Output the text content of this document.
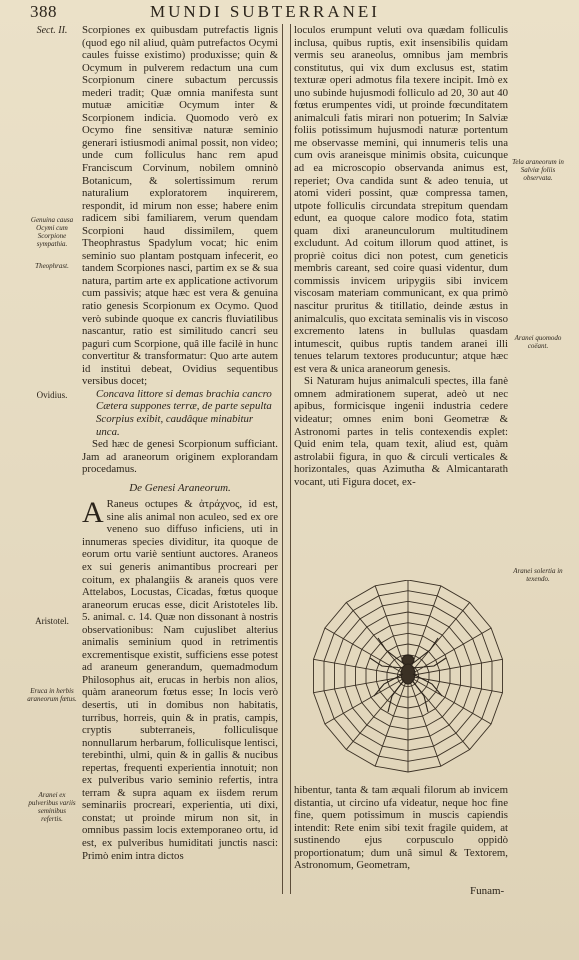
388	MUNDI SUBTERRANEI
Sect. II.
Genuina causa Ocymi cum Scorpione sympathia.
Theophrast.
Ovidius.
Aristotel.
Eruca in herbis araneorum fœtus.
Aranei ex pulveribus variis seminibus refertis.
Tela araneorum in Salviæ foliis observata.
Aranei quomodo coëant.
Aranei solertia in texendo.

Scorpiones ex quibusdam putrefactis lignis (quod ego nil aliud, quàm putrefactos Ocymi caules fuisse existimo) produxisse; quin & Ocymum in pulverem redactum una cum Scorpionum cinere subactum percussis mederi tradit; Quæ omnia manifesta sunt mutuæ amicitiæ Ocymum inter & Scorpionem indicia. Quomodo verò ex Ocymo fine sensitivæ naturæ seminio generari istiusmodi animal possit, non video; unde cum folliculus hanc rem apud Franciscum Corvinum, nobilem omninò Botanicum, & solertissimum rerum naturalium exploratorem inquirerem, respondit, id mirum non esse; habere enim radicem sibi familiarem, verum quendam Scorpioni haud dissimilem, quem Theophrastus Spadylum vocat; hic enim seminio suo plantam postquam infecerit, eo tandem Scorpiones nasci, partim ex se & sua natura, partim arte ex applicatione activorum cum passivis; atque hæc est vera & genuina ratio genesis Scorpionum ex Ocymo. Quod verò subinde quoque ex cancris fluviatilibus nascantur, ratio est similitudo cancri seu paguri cum Scorpione, quâ ille facilè in hunc convertitur & transformatur: Quo arte autem id instituì debeat, Ovidius sequentibus versibus docet;

Concava littore si demas brachia cancro

Cætera suppones terræ, de parte sepulta

Scorpius exibit, caudâque minabitur unca.

Sed hæc de genesi Scorpionum sufficiant. Jam ad araneorum originem explorandam procedamus.

De Genesi Araneorum.

A Raneus octupes & ἀτράχνος, id est, sine alis animal non aculeo, sed ex ore veneno suo diffuso inficiens, uti in innumeras species dividitur, ita quoque de eorum ortu variè sentiunt auctores. Araneos ex sui generis animantibus procreari per coitum, ex phalangiis & araneis quos vere Attelabos, Locustas, Cicadas, fœtus quoque araneorum erucas esse, dicit Aristoteles lib. 5. animal. c. 14. Quæ non dissonant à nostris observationibus: Nam cujuslibet alterius animalis seminium quod in retrimentis excrementisque existit, sufficiens esse potest ad araneum generandum, quemadmodum Philosophus ait, erucas in herbis non alios, quàm araneorum fœtus esse; In locis verò desertis, uti in domibus non habitatis, turribus, horreis, quin & in pratis, campis, cryptis subterraneis, folliculisque nonnullarum herbarum, folliculisque lentisci, terebinthi, ulmi, quin & in gallis & nucibus repertas, frequenti experientia innotuit; non ex pulveribus vario seminio refertis, intra terram & supra aquam ex iisdem rerum seminariis procreari, experientia, uti dixi, constat; ut proinde mirum non sit, in omnibus passim locis extemporaneo ortu, id est, ex pulveribus humiditati junctis nasci: Primò enim intra dictos

loculos erumpunt veluti ova quædam folliculis inclusa, quibus ruptis, exit insensibilis quidam vermis seu araneolus, omnibus jam membris constitutus, qui vix dum exclusus est, statim texturæ operi admotus fila texere incipit. Imò ex uno subinde hujusmodi folliculo ad 20, 30 aut 40 fœtus erumpentes vidi, ut proinde fœcunditatem animalculi fatis mirari non potuerim; In Salviæ foliis potissimum hujusmodi naturæ portentum me observasse memini, qui innumeris telis una cum ovis araneisque minimis obsita, cuicunque ad ea microscopio observanda animus est, reperiet; Ova candida sunt & adeo tenuia, ut atomi videri possint, quæ compressa tamen, utpote folliculis circundata strepitum quendam edunt, ea quoque calore modico fota, statim quam dixi araneunculorum multitudinem excludunt. Ad coitum illorum quod attinet, is propriè coitus dici non potest, cum geneticis membris careant, sed coire quasi videntur, dum commissis invicem uripygiis sibi invicem viscosam materiam communicant, ex qua primò nascitur pruritus & titillatio, deinde æstus in animalculis, quo excitata seminalis vis in viscoso excremento latens in bullulas quasdam intumescit, quibus ruptis tandem aranei illi tenues telarum textores producuntur; atque hæc est vera & unica araneorum genesis.

Si Naturam hujus animalculi spectes, illa fanè omnem admirationem superat, adeò ut nec apibus, formicisque ingenii industria cedere videatur; omnes enim boni Geometræ & Astronomi partes in telis contexendis explet: Quid enim tela, quam texit, aliud est, quàm astrolabii figura, in quo & circuli verticales & horizontales, quas Azimutha & Almicantarath vocant, uti Figura docet, ex-

hibentur, tanta & tam æquali filorum ab invicem distantia, ut circino ufa videatur, neque hoc fine fine, quem potissimum in muscis capiendis intendit: Rete enim sibi texit fragile quidem, at sustinendo ejus corpusculo oppidò proportionatum; dum unâ simul & Textorem, Astronomum, Geometram,

Funam-
